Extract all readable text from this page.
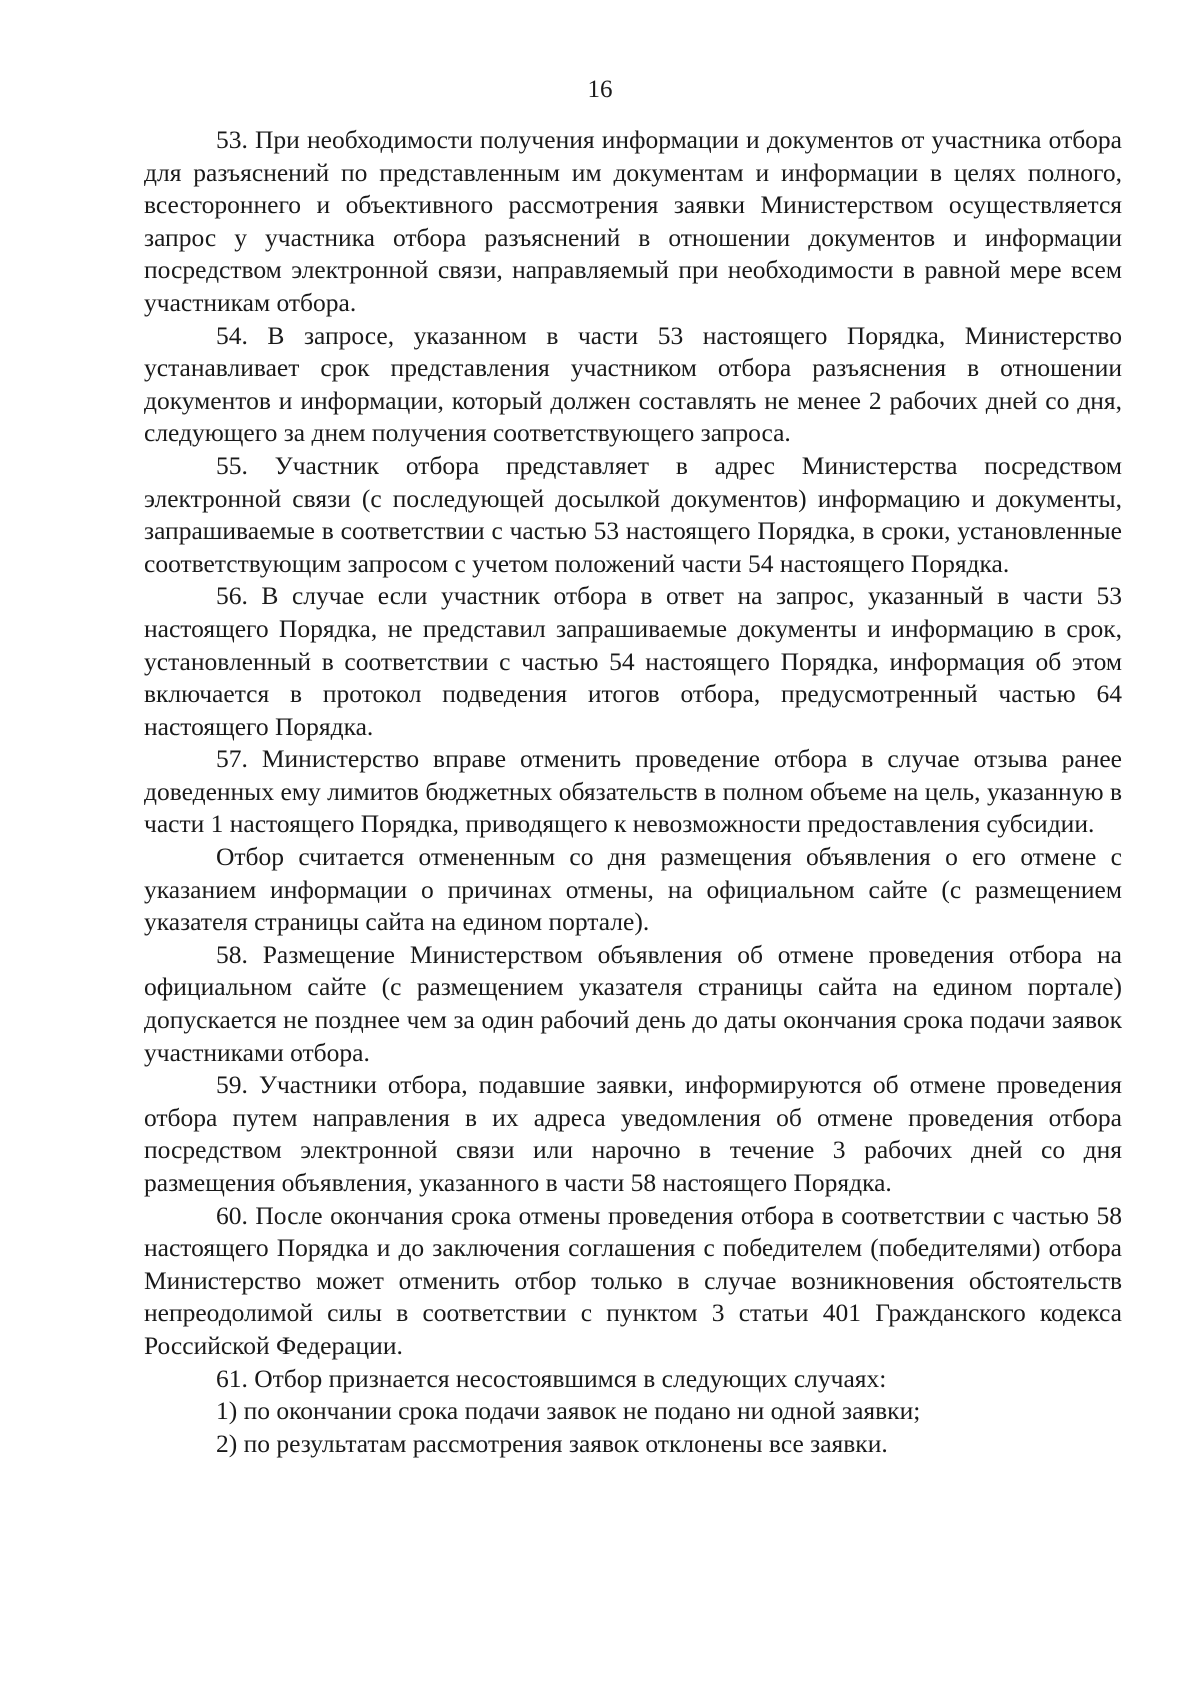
16

53. При необходимости получения информации и документов от участника отбора для разъяснений по представленным им документам и информации в целях полного, всестороннего и объективного рассмотрения заявки Министерством осуществляется запрос у участника отбора разъяснений в отношении документов и информации посредством электронной связи, направляемый при необходимости в равной мере всем участникам отбора.

54. В запросе, указанном в части 53 настоящего Порядка, Министерство устанавливает срок представления участником отбора разъяснения в отношении документов и информации, который должен составлять не менее 2 рабочих дней со дня, следующего за днем получения соответствующего запроса.

55. Участник отбора представляет в адрес Министерства посредством электронной связи (с последующей досылкой документов) информацию и документы, запрашиваемые в соответствии с частью 53 настоящего Порядка, в сроки, установленные соответствующим запросом с учетом положений части 54 настоящего Порядка.

56. В случае если участник отбора в ответ на запрос, указанный в части 53 настоящего Порядка, не представил запрашиваемые документы и информацию в срок, установленный в соответствии с частью 54 настоящего Порядка, информация об этом включается в протокол подведения итогов отбора, предусмотренный частью 64 настоящего Порядка.

57. Министерство вправе отменить проведение отбора в случае отзыва ранее доведенных ему лимитов бюджетных обязательств в полном объеме на цель, указанную в части 1 настоящего Порядка, приводящего к невозможности предоставления субсидии.

Отбор считается отмененным со дня размещения объявления о его отмене с указанием информации о причинах отмены, на официальном сайте (с размещением указателя страницы сайта на едином портале).

58. Размещение Министерством объявления об отмене проведения отбора на официальном сайте (с размещением указателя страницы сайта на едином портале) допускается не позднее чем за один рабочий день до даты окончания срока подачи заявок участниками отбора.

59. Участники отбора, подавшие заявки, информируются об отмене проведения отбора путем направления в их адреса уведомления об отмене проведения отбора посредством электронной связи или нарочно в течение 3 рабочих дней со дня размещения объявления, указанного в части 58 настоящего Порядка.

60. После окончания срока отмены проведения отбора в соответствии с частью 58 настоящего Порядка и до заключения соглашения с победителем (победителями) отбора Министерство может отменить отбор только в случае возникновения обстоятельств непреодолимой силы в соответствии с пунктом 3 статьи 401 Гражданского кодекса Российской Федерации.

61. Отбор признается несостоявшимся в следующих случаях:

1) по окончании срока подачи заявок не подано ни одной заявки;

2) по результатам рассмотрения заявок отклонены все заявки.
